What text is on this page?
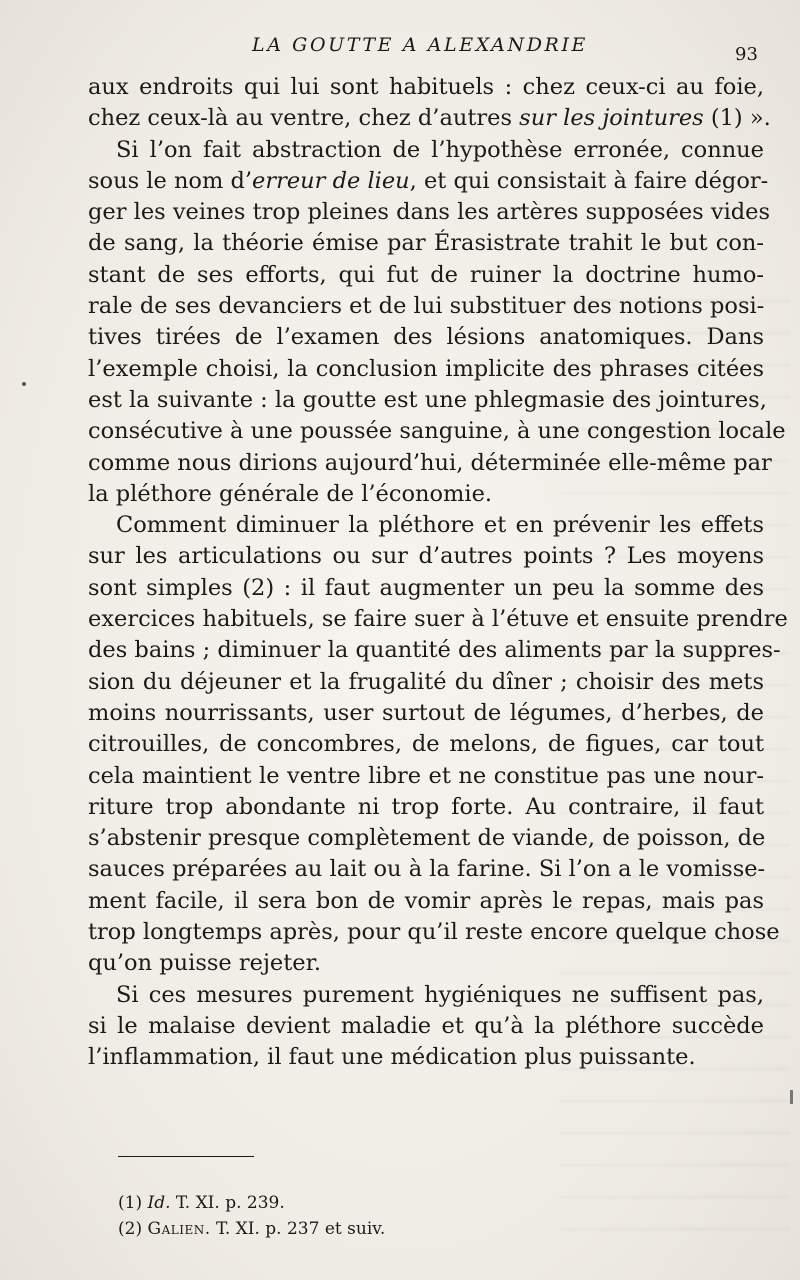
LA GOUTTE A ALEXANDRIE	93
aux endroits qui lui sont habituels : chez ceux-ci au foie,
chez ceux-là au ventre, chez d’autres sur les jointures (1) ».
Si l’on fait abstraction de l’hypothèse erronée, connue
sous le nom d’erreur de lieu, et qui consistait à faire dégor-
ger les veines trop pleines dans les artères supposées vides
de sang, la théorie émise par Érasistrate trahit le but con-
stant de ses efforts, qui fut de ruiner la doctrine humo-
rale de ses devanciers et de lui substituer des notions posi-
tives tirées de l’examen des lésions anatomiques. Dans
l’exemple choisi, la conclusion implicite des phrases citées
est la suivante : la goutte est une phlegmasie des jointures,
consécutive à une poussée sanguine, à une congestion locale
comme nous dirions aujourd’hui, déterminée elle-même par
la pléthore générale de l’économie.
Comment diminuer la pléthore et en prévenir les effets
sur les articulations ou sur d’autres points ? Les moyens
sont simples (2) : il faut augmenter un peu la somme des
exercices habituels, se faire suer à l’étuve et ensuite prendre
des bains ; diminuer la quantité des aliments par la suppres-
sion du déjeuner et la frugalité du dîner ; choisir des mets
moins nourrissants, user surtout de légumes, d’herbes, de
citrouilles, de concombres, de melons, de figues, car tout
cela maintient le ventre libre et ne constitue pas une nour-
riture trop abondante ni trop forte. Au contraire, il faut
s’abstenir presque complètement de viande, de poisson, de
sauces préparées au lait ou à la farine. Si l’on a le vomisse-
ment facile, il sera bon de vomir après le repas, mais pas
trop longtemps après, pour qu’il reste encore quelque chose
qu’on puisse rejeter.
Si ces mesures purement hygiéniques ne suffisent pas,
si le malaise devient maladie et qu’à la pléthore succède
l’inflammation, il faut une médication plus puissante.
(1) Id. T. XI. p. 239.
(2) Galien. T. XI. p. 237 et suiv.
